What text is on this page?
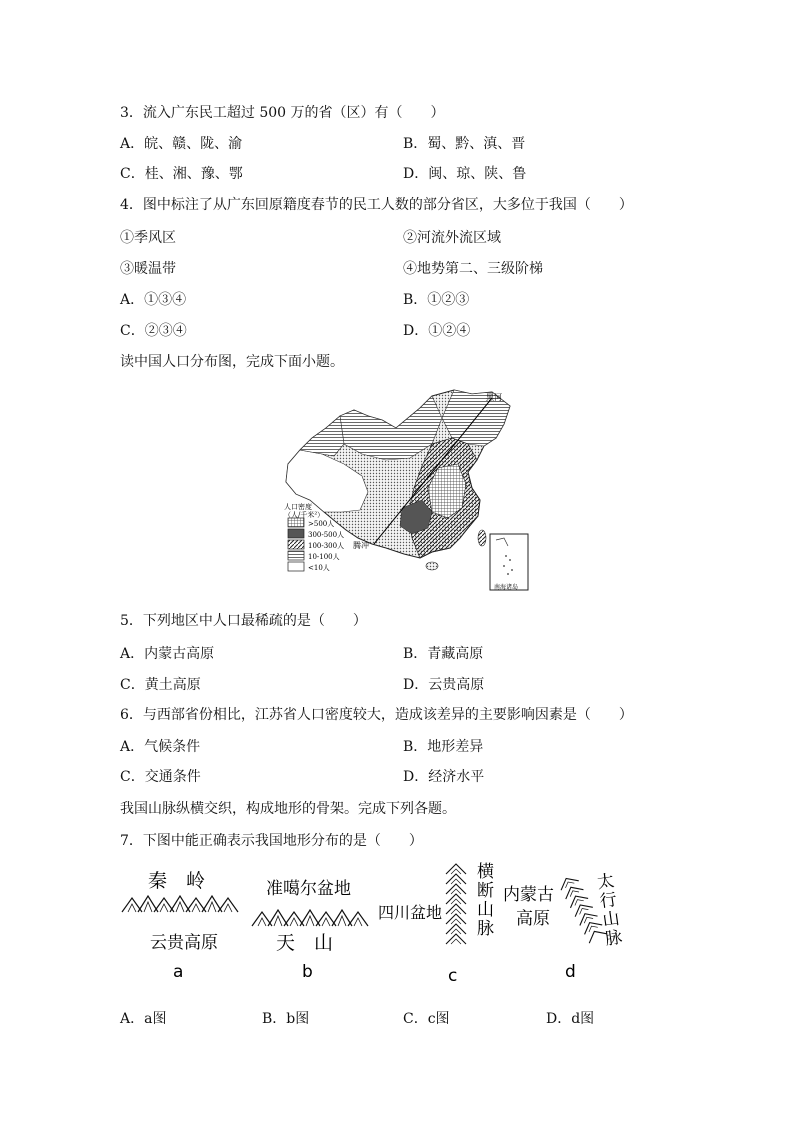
3．流入广东民工超过 500 万的省（区）有（　　）
A．皖、赣、陇、渝	B．蜀、黔、滇、晋
C．桂、湘、豫、鄂	D．闽、琼、陕、鲁
4．图中标注了从广东回原籍度春节的民工人数的部分省区，大多位于我国（　　）
①季风区	②河流外流区域
③暖温带	④地势第二、三级阶梯
A．①③④	B．①②③
C．②③④	D．①②④
读中国人口分布图，完成下面小题。
人口密度
（人/千米²）
>500人
300-500人
100-300人
10-100人
<10人
黑河
腾冲
南海诸岛
5．下列地区中人口最稀疏的是（　　）
A．内蒙古高原	B．青藏高原
C．黄土高原	D．云贵高原
6．与西部省份相比，江苏省人口密度较大，造成该差异的主要影响因素是（　　）
A．气候条件	B．地形差异
C．交通条件	D．经济水平
我国山脉纵横交织，构成地形的骨架。完成下列各题。
7．下图中能正确表示我国地形分布的是（　　）
秦　岭
云贵高原
a
准噶尔盆地
天　山
b
四川盆地 横断山脉
c
内蒙古
高原 太行山脉
d
A．a图	B．b图	C．c图	D．d图
